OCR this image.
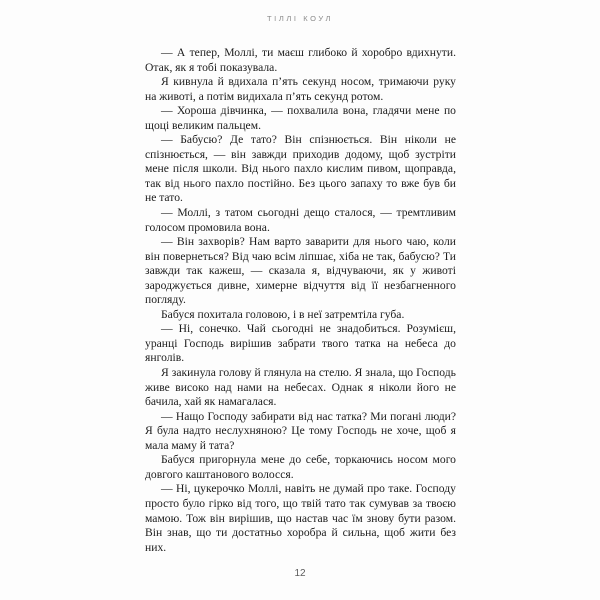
ТІЛЛІ КОУЛ

— А тепер, Моллі, ти маєш глибоко й хоробро вдихнути. Отак, як я тобі показувала.

Я кивнула й вдихала п’ять секунд носом, тримаючи руку на животі, а потім видихала п’ять секунд ротом.

— Хороша дівчинка, — похвалила вона, гладячи мене по щоці великим пальцем.

— Бабусю? Де тато? Він спізнюється. Він ніколи не спізнюється, — він завжди приходив додому, щоб зустріти мене після школи. Від нього пахло кислим пивом, щоправда, так від нього пахло постійно. Без цього запаху то вже був би не тато.

— Моллі, з татом сьогодні дещо сталося, — тремтливим голосом промовила вона.

— Він захворів? Нам варто заварити для нього чаю, коли він повернеться? Від чаю всім ліпшає, хіба не так, бабусю? Ти завжди так кажеш, — сказала я, відчуваючи, як у животі зароджується дивне, химерне відчуття від її незбагненного погляду.

Бабуся похитала головою, і в неї затремтіла губа.

— Ні, сонечко. Чай сьогодні не знадобиться. Розумієш, уранці Господь вирішив забрати твого татка на небеса до янголів.

Я закинула голову й глянула на стелю. Я знала, що Господь живе високо над нами на небесах. Однак я ніколи його не бачила, хай як намагалася.

— Нащо Господу забирати від нас татка? Ми погані люди? Я була надто неслухняною? Це тому Господь не хоче, щоб я мала маму й тата?

Бабуся пригорнула мене до себе, торкаючись носом мого довгого каштанового волосся.

— Ні, цукерочко Моллі, навіть не думай про таке. Господу просто було гірко від того, що твій тато так сумував за твоєю мамою. Тож він вирішив, що настав час їм знову бути разом. Він знав, що ти достатньо хоробра й сильна, щоб жити без них.

12
